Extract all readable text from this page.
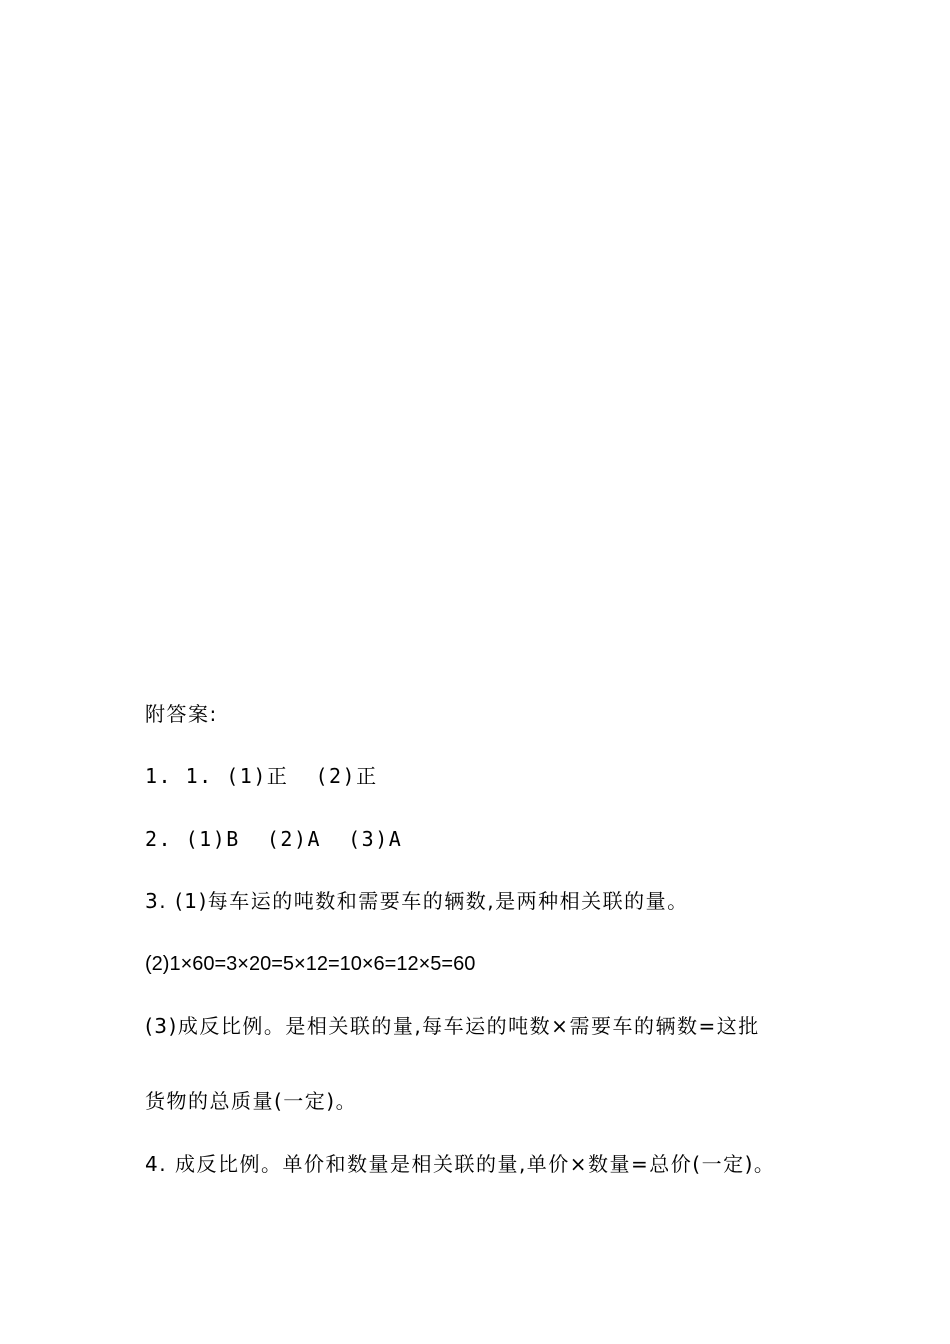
附答案:
1. 1. (1)正  (2)正
2. (1)B  (2)A  (3)A
3. (1)每车运的吨数和需要车的辆数,是两种相关联的量。
(2)1×60=3×20=5×12=10×6=12×5=60
(3)成反比例。是相关联的量,每车运的吨数×需要车的辆数=这批
货物的总质量(一定)。
4. 成反比例。单价和数量是相关联的量,单价×数量=总价(一定)。
